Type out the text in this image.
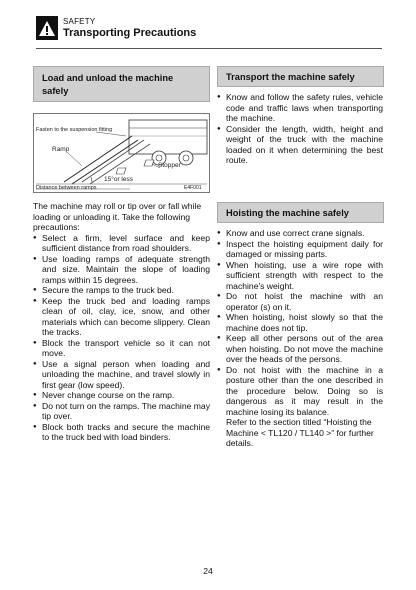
SAFETY
Transporting Precautions
Load and unload the machine
safely
Fasten to the suspension fitting
Ramp
Stopper
15°or less
Distance between ramps	E4F001
The machine may roll or tip over or fall while loading or unloading it. Take the following precautions:
● Select a firm, level surface and keep sufficient distance from road shoulders.
● Use loading ramps of adequate strength and size. Maintain the slope of loading ramps within 15 degrees.
● Secure the ramps to the truck bed.
● Keep the truck bed and loading ramps clean of oil, clay, ice, snow, and other materials which can become slippery. Clean the tracks.
● Block the transport vehicle so it can not move.
● Use a signal person when loading and unloading the machine, and travel slowly in first gear (low speed).
● Never change course on the ramp.
● Do not turn on the ramps. The machine may tip over.
● Block both tracks and secure the machine to the truck bed with load binders.
Transport the machine safely
● Know and follow the safety rules, vehicle code and traffic laws when transporting the machine.
● Consider the length, width, height and weight of the truck with the machine loaded on it when determining the best route.
Hoisting the machine safely
● Know and use correct crane signals.
● Inspect the hoisting equipment daily for damaged or missing parts.
● When hoisting, use a wire rope with sufficient strength with respect to the machine's weight.
● Do not hoist the machine with an operator (s) on it.
● When hoisting, hoist slowly so that the machine does not tip.
● Keep all other persons out of the area when hoisting. Do not move the machine over the heads of the persons.
● Do not hoist with the machine in a posture other than the one described in the procedure below. Doing so is dangerous as it may result in the machine losing its balance.
Refer to the section titled “Hoisting the Machine < TL120 / TL140 >” for further details.
24
